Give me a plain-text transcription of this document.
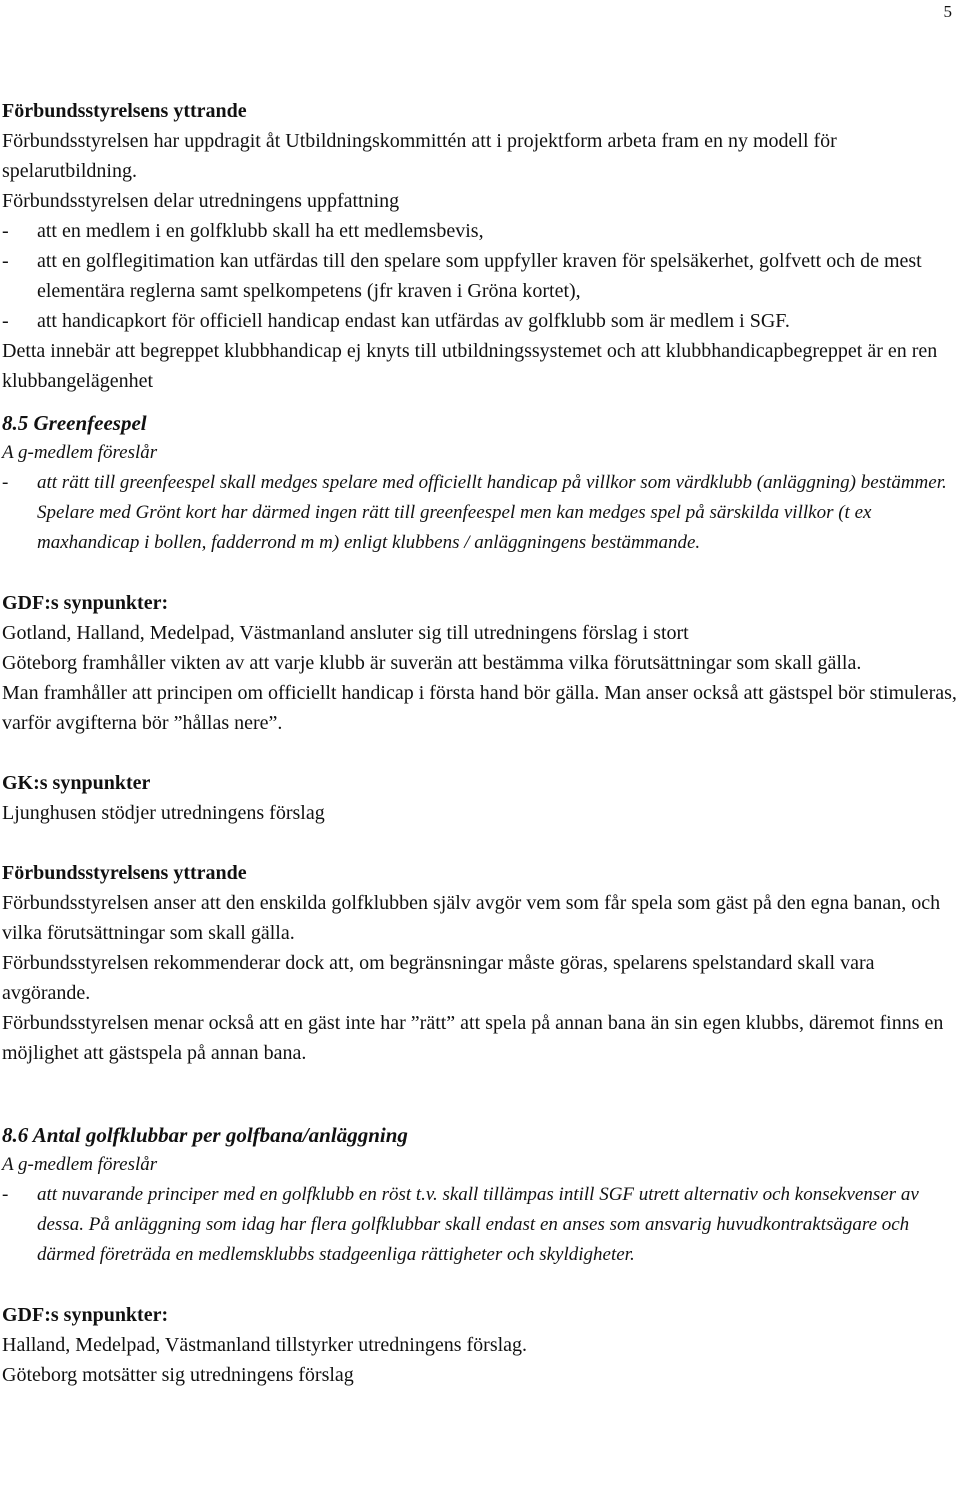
5

Förbundsstyrelsens yttrande

Förbundsstyrelsen har uppdragit åt Utbildningskommittén att i projektform arbeta fram en ny modell för spelarutbildning.

Förbundsstyrelsen delar utredningens uppfattning

-	att en medlem i en golfklubb skall ha ett medlemsbevis,
-	att en golflegitimation kan utfärdas till den spelare som uppfyller kraven för spelsäkerhet, golfvett och de mest elementära reglerna samt spelkompetens (jfr kraven i Gröna kortet),
-	att handicapkort för officiell handicap endast kan utfärdas av golfklubb som är medlem i SGF.

Detta innebär att begreppet klubbhandicap ej knyts till utbildningssystemet och att klubbhandicapbegreppet är en ren klubbangelägenhet

8.5 Greenfeespel

A g-medlem föreslår

-	att rätt till greenfeespel skall medges spelare med officiellt handicap på villkor som värdklubb (anläggning) bestämmer. Spelare med Grönt kort har därmed ingen rätt till greenfeespel men kan medges spel på särskilda villkor (t ex maxhandicap i bollen, fadderrond m m) enligt klubbens / anläggningens bestämmande.

GDF:s synpunkter:

Gotland, Halland, Medelpad, Västmanland ansluter sig till utredningens förslag i stort

Göteborg framhåller vikten av att varje klubb är suverän att bestämma vilka förutsättningar som skall gälla.

Man framhåller att principen om officiellt handicap i första hand bör gälla. Man anser också att gästspel bör stimuleras, varför avgifterna bör ”hållas nere”.

GK:s synpunkter

Ljunghusen stödjer utredningens förslag

Förbundsstyrelsens yttrande

Förbundsstyrelsen anser att den enskilda golfklubben själv avgör vem som får spela som gäst på den egna banan, och vilka förutsättningar som skall gälla.

Förbundsstyrelsen rekommenderar dock att, om begränsningar måste göras, spelarens spelstandard skall vara avgörande.

Förbundsstyrelsen menar också att en gäst inte har ”rätt” att spela på annan bana än sin egen klubbs, däremot finns en möjlighet att gästspela på annan bana.

8.6 Antal golfklubbar per golfbana/anläggning

A g-medlem föreslår

-	att nuvarande principer med en golfklubb en röst t.v. skall tillämpas intill SGF utrett alternativ och konsekvenser av dessa. På anläggning som idag har flera golfklubbar skall endast en anses som ansvarig huvudkontraktsägare och därmed företräda en medlemsklubbs stadgeenliga rättigheter och skyldigheter.

GDF:s synpunkter:

Halland, Medelpad, Västmanland tillstyrker utredningens förslag.

Göteborg motsätter sig utredningens förslag
